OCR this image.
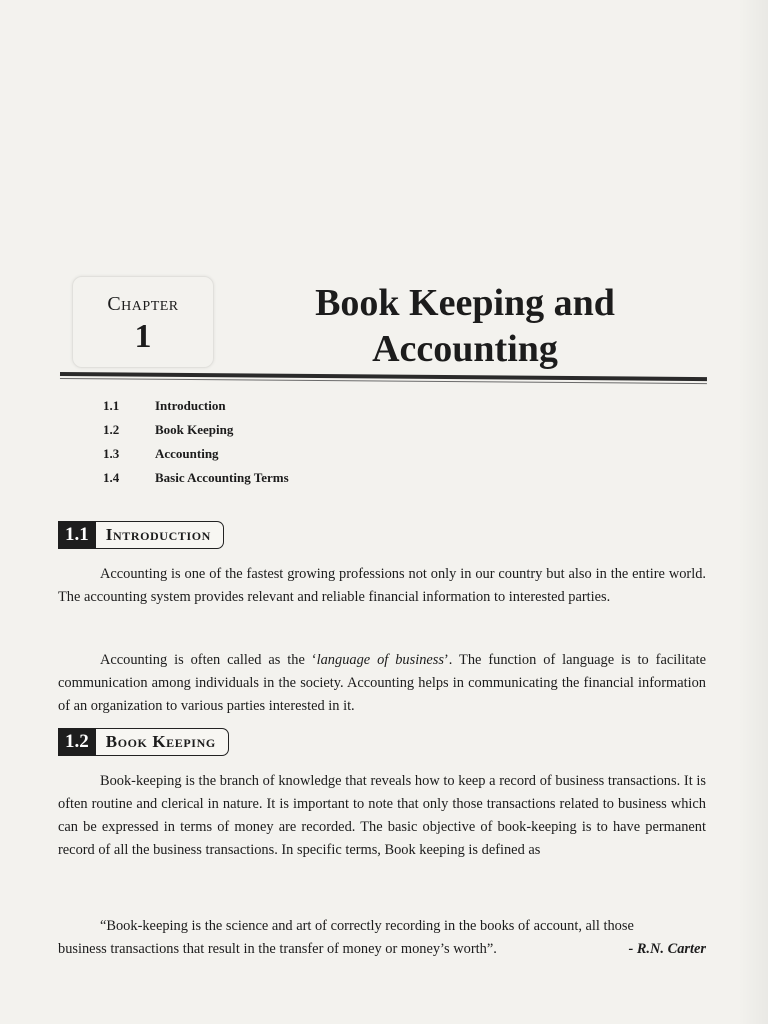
Chapter
1
Book Keeping and
Accounting
1.1	Introduction
1.2	Book Keeping
1.3	Accounting
1.4	Basic Accounting Terms
1.1	Introduction

Accounting is one of the fastest growing professions not only in our country but also in the entire world. The accounting system provides relevant and reliable financial information to interested parties.

Accounting is often called as the ‘language of business’. The function of language is to facilitate communication among individuals in the society. Accounting helps in communicating the financial information of an organization to various parties interested in it.

1.2	Book Keeping

Book-keeping is the branch of knowledge that reveals how to keep a record of business transactions. It is often routine and clerical in nature. It is important to note that only those transactions related to business which can be expressed in terms of money are recorded. The basic objective of book-keeping is to have permanent record of all the business transactions. In specific terms, Book keeping is defined as

“Book-keeping is the science and art of correctly recording in the books of account, all those
business transactions that result in the transfer of money or money’s worth”.	- R.N. Carter
